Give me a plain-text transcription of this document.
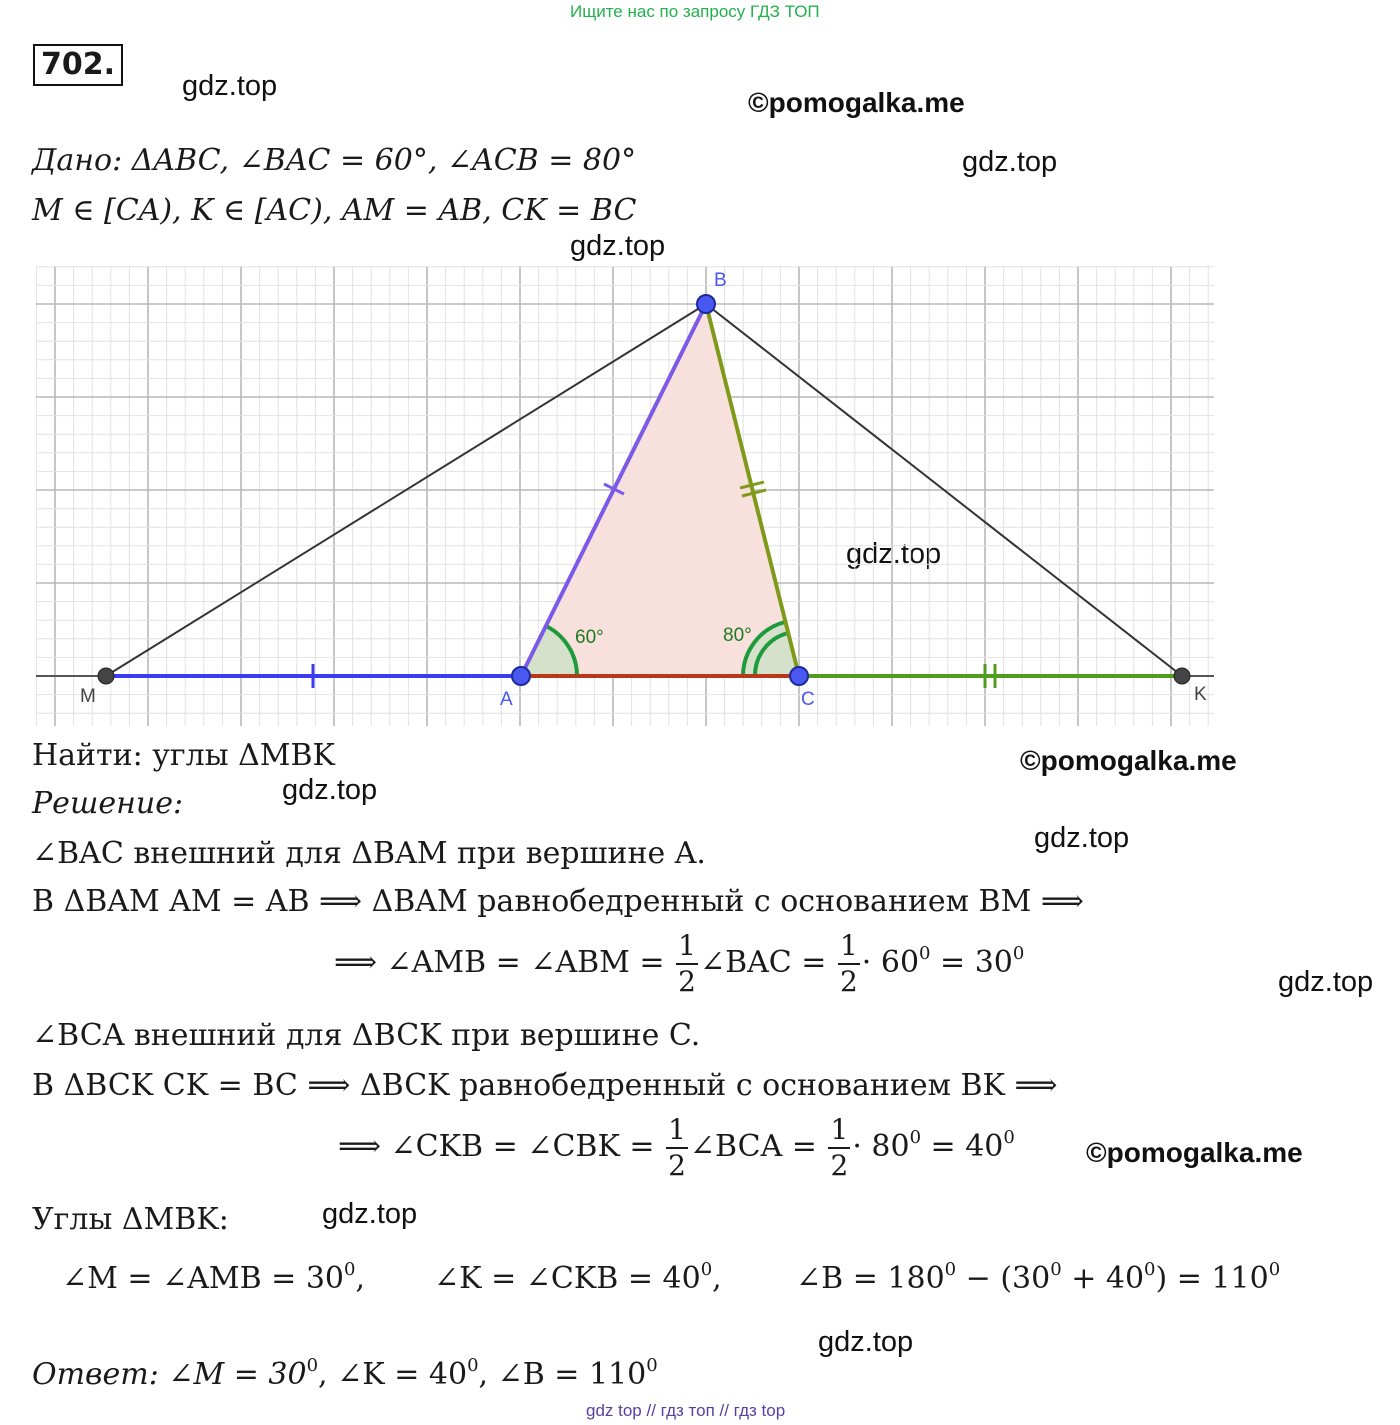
Ищите нас по запросу ГДЗ ТОП
702.
gdz.top
©pomogalka.me
gdz.top
gdz.top
gdz.top
©pomogalka.me
gdz.top
gdz.top
gdz.top
©pomogalka.me
gdz.top
gdz.top
Дано: ΔABC, ∠BAC = 60°, ∠ACB = 80°
M ∈ [CA), K ∈ [AC), AM = AB, CK = BC
B
A	C
M	K
60°	80°
Найти: углы ΔMBK
Решение:
∠BAC внешний для ΔBAM при вершине A.
В ΔBAM AM = AB ⟹ ΔBAM равнобедренный с основанием BM ⟹
⟹ ∠AMB = ∠ABM = $\frac{1}{2}$ ∠BAC = $\frac{1}{2} \cdot 60^0 = 30^0$
∠BCA внешний для ΔBCK при вершине C.
В ΔBCK CK = BC ⟹ ΔBCK равнобедренный с основанием BK ⟹
⟹ ∠CKB = ∠CBK = $\frac{1}{2}$ ∠BCA = $\frac{1}{2} \cdot 80^0 = 40^0$
Углы ΔMBK:
∠M = ∠AMB = $30^0$, ∠K = ∠CKB = $40^0$, ∠B = $180^0 - (30^0 + 40^0) = 110^0$
Ответ: ∠M = $30^0$, ∠K = $40^0$, ∠B = $110^0$
gdz top // гдз топ // гдз top
